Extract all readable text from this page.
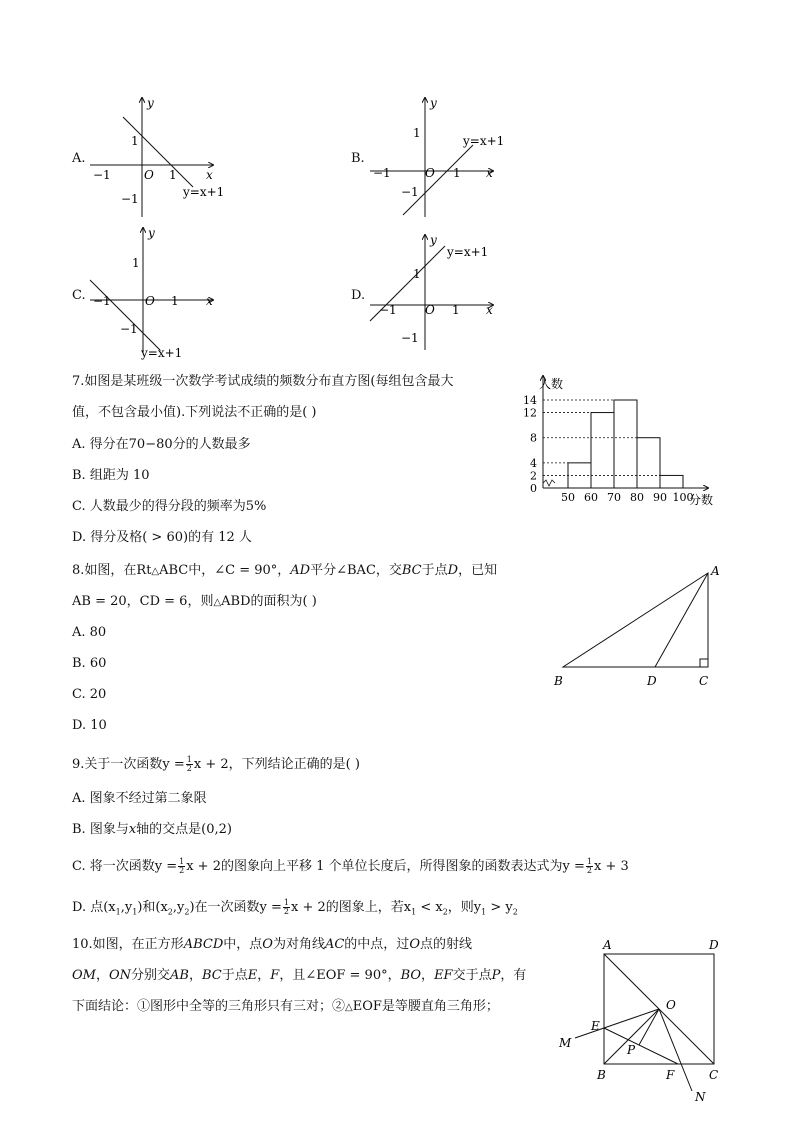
A.
y
x
1
−1	O 1
−1	y=x+1
B.
y
x
1
−1	O 1
−1
y=x+1
C.
y
x
1
−1	O 1
−1
y=x+1
D.
y
x
1
−1 O 1
−1
y=x+1
7.如图是某班级一次数学考试成绩的频数分布直方图(每组包含最大
值，不包含最小值).下列说法不正确的是( )
A. 得分在70−80分的人数最多
B. 组距为 10
C. 人数最少的得分段的频率为5%
D. 得分及格( > 60)的有 12 人
人数
分数
0
2
4
8
12
14
50 60 70 80 90 100
8.如图，在Rt△ABC中，∠C = 90°，AD平分∠BAC，交BC于点D，已知
AB = 20，CD = 6，则△ABD的面积为( )
A. 80
B. 60
C. 20
D. 10
A
B	D	C
9.关于一次函数$y = \frac{1}{2}$ x + 2，下列结论正确的是( )
A. 图象不经过第二象限
B. 图象与x轴的交点是(0,2)
C. 将一次函数$y = \frac{1}{2}$ x + 2的图象向上平移 1 个单位长度后，所得图象的函数表达式为$y = \frac{1}{2}$ x + 3
D. 点$(x_1,y_1)$和$(x_2,y_2)$在一次函数$y = \frac{1}{2}$ x + 2的图象上，若$x_1 < x_2$，则$y_1 > y_2$
10.如图，在正方形ABCD中，点O为对角线AC的中点，过O点的射线
OM，ON分别交AB，BC于点E，F，且∠EOF = 90°，BO，EF交于点P，有
下面结论：①图形中全等的三角形只有三对；②△EOF是等腰直角三角形；
A	D
O
E
M	P
B	F	C
N
